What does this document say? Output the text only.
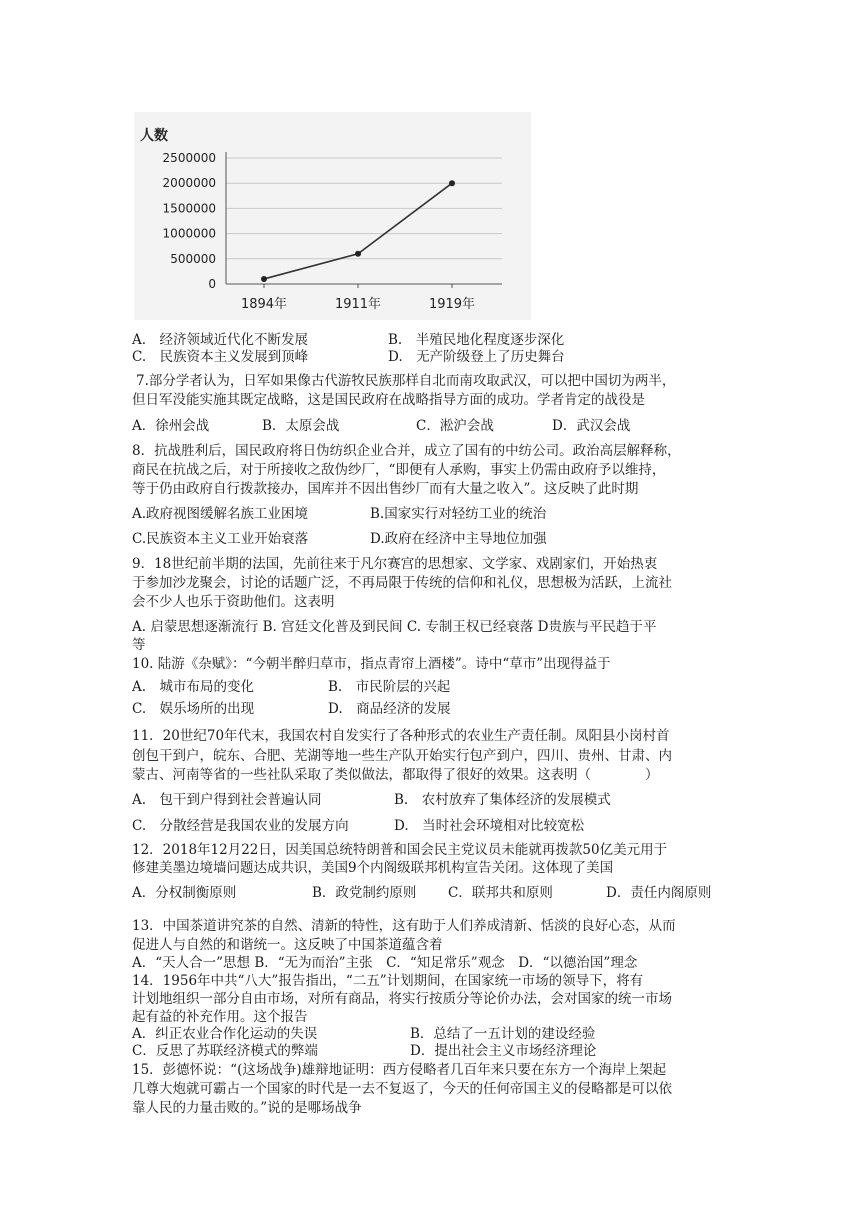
人数
2500000
2000000
1500000
1000000
500000
0
1894年	1911年	1919年
A.　经济领域近代化不断发展	B.　半殖民地化程度逐步深化
C.　民族资本主义发展到顶峰	D.　无产阶级登上了历史舞台
7.部分学者认为，日军如果像古代游牧民族那样自北而南攻取武汉，可以把中国切为两半，
但日军没能实施其既定战略，这是国民政府在战略指导方面的成功。学者肯定的战役是
A．徐州会战	B．太原会战	C．淞沪会战	D．武汉会战
8．抗战胜利后，国民政府将日伪纺织企业合并，成立了国有的中纺公司。政治高层解释称，
商民在抗战之后，对于所接收之敌伪纱厂，“即便有人承购，事实上仍需由政府予以维持，
等于仍由政府自行拨款接办，国库并不因出售纱厂而有大量之收入”。这反映了此时期
A.政府视图缓解名族工业困境	B.国家实行对轻纺工业的统治
C.民族资本主义工业开始衰落	D.政府在经济中主导地位加强
9．18世纪前半期的法国，先前往来于凡尔赛宫的思想家、文学家、戏剧家们，开始热衷
于参加沙龙聚会，讨论的话题广泛，不再局限于传统的信仰和礼仪，思想极为活跃，上流社
会不少人也乐于资助他们。这表明
A. 启蒙思想逐渐流行 B. 宫廷文化普及到民间 C. 专制王权已经衰落 D贵族与平民趋于平
等
10. 陆游《杂赋》：“今朝半醉归草市，指点青帘上酒楼”。诗中“草市”出现得益于
A.　城市布局的变化	B.　市民阶层的兴起
C.　娱乐场所的出现	D.　商品经济的发展
11．20世纪70年代末，我国农村自发实行了各种形式的农业生产责任制。凤阳县小岗村首
创包干到户，皖东、合肥、芜湖等地一些生产队开始实行包产到户，四川、贵州、甘肃、内
蒙古、河南等省的一些社队采取了类似做法，都取得了很好的效果。这表明（　　　　）
A.　包干到户得到社会普遍认同	B.　农村放弃了集体经济的发展模式
C.　分散经营是我国农业的发展方向	D.　当时社会环境相对比较宽松
12．2018年12月22日，因美国总统特朗普和国会民主党议员未能就再拨款50亿美元用于
修建美墨边境墙问题达成共识，美国9个内阁级联邦机构宣告关闭。这体现了美国
A．分权制衡原则	B．政党制约原则 C．联邦共和原则	D．责任内阁原则
13．中国茶道讲究茶的自然、清新的特性，这有助于人们养成清新、恬淡的良好心态，从而
促进人与自然的和谐统一。这反映了中国茶道蕴含着
A．“天人合一”思想 B．“无为而治”主张　C．“知足常乐”观念　D．“以德治国”理念
14．1956年中共“八大”报告指出，“二五”计划期间，在国家统一市场的领导下，将有
计划地组织一部分自由市场，对所有商品，将实行按质分等论价办法，会对国家的统一市场
起有益的补充作用。这个报告
A．纠正农业合作化运动的失误	B．总结了一五计划的建设经验
C．反思了苏联经济模式的弊端	D．提出社会主义市场经济理论
15．彭德怀说：“(这场战争)雄辩地证明：西方侵略者几百年来只要在东方一个海岸上架起
几尊大炮就可霸占一个国家的时代是一去不复返了，今天的任何帝国主义的侵略都是可以依
靠人民的力量击败的。”说的是哪场战争
